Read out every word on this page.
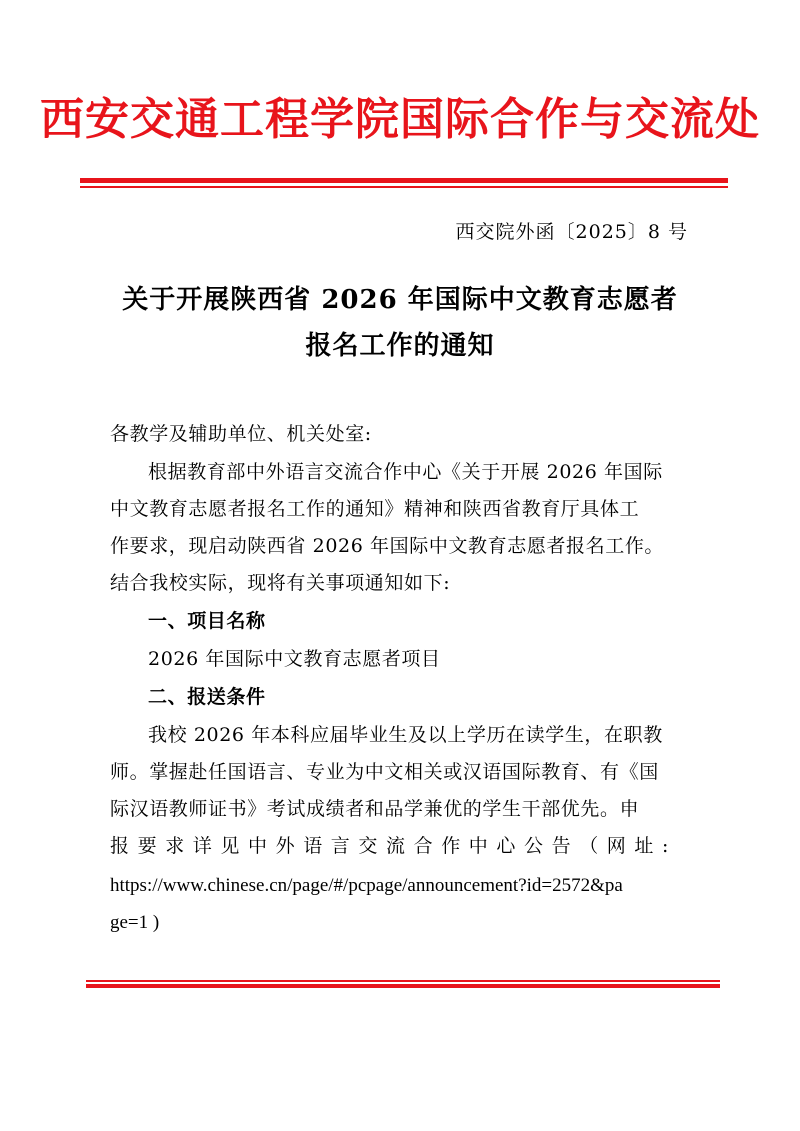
西安交通工程学院国际合作与交流处
西交院外函〔2025〕8 号
关于开展陕西省 2026 年国际中文教育志愿者
报名工作的通知
各教学及辅助单位、机关处室:
根据教育部中外语言交流合作中心《关于开展 2026 年国际
中文教育志愿者报名工作的通知》精神和陕西省教育厅具体工
作要求，现启动陕西省 2026 年国际中文教育志愿者报名工作。
结合我校实际，现将有关事项通知如下:
一、项目名称
2026 年国际中文教育志愿者项目
二、报送条件
我校 2026 年本科应届毕业生及以上学历在读学生，在职教
师。掌握赴任国语言、专业为中文相关或汉语国际教育、有《国
际汉语教师证书》考试成绩者和品学兼优的学生干部优先。申
报要求详见中外语言交流合作中心公告（网址:
https://www.chinese.cn/page/#/pcpage/announcement?id=2572&pa
ge=1 )
